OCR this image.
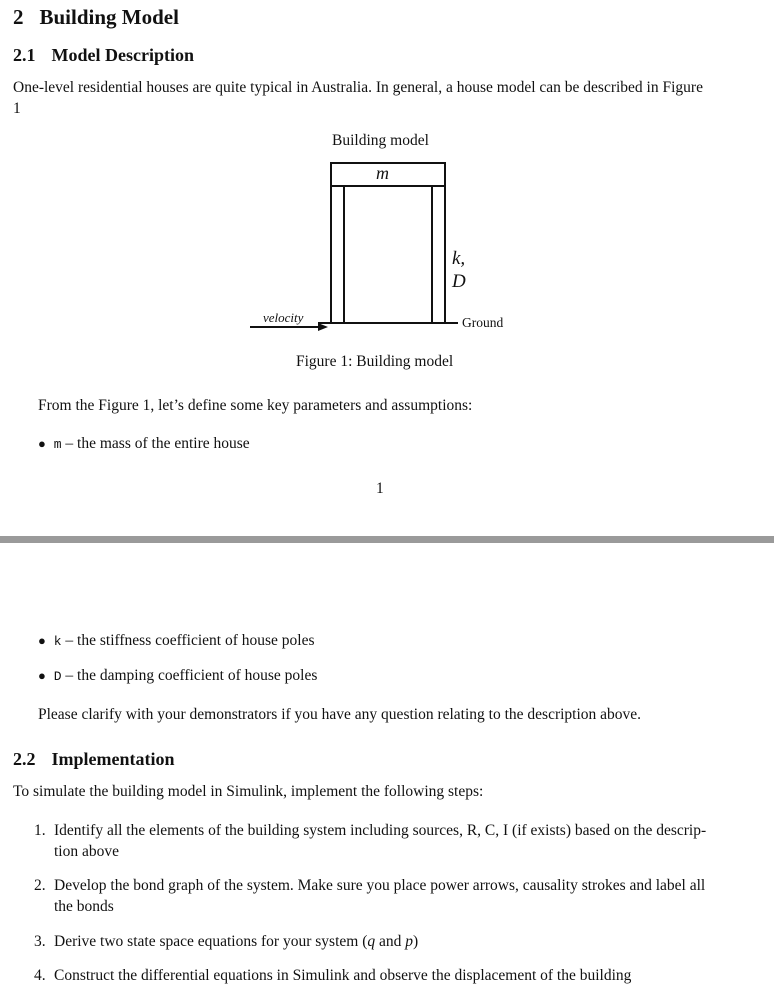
2 Building Model
2.1 Model Description
One-level residential houses are quite typical in Australia. In general, a house model can be described in Figure
1
Building model
m
k,
D
velocity	Ground
Figure 1: Building model
From the Figure 1, let’s define some key parameters and assumptions:
● m – the mass of the entire house
1
● k – the stiffness coefficient of house poles
● D – the damping coefficient of house poles
Please clarify with your demonstrators if you have any question relating to the description above.
2.2 Implementation
To simulate the building model in Simulink, implement the following steps:
1. Identify all the elements of the building system including sources, R, C, I (if exists) based on the descrip-
tion above
2. Develop the bond graph of the system. Make sure you place power arrows, causality strokes and label all
the bonds
3. Derive two state space equations for your system (q and p)
4. Construct the differential equations in Simulink and observe the displacement of the building
